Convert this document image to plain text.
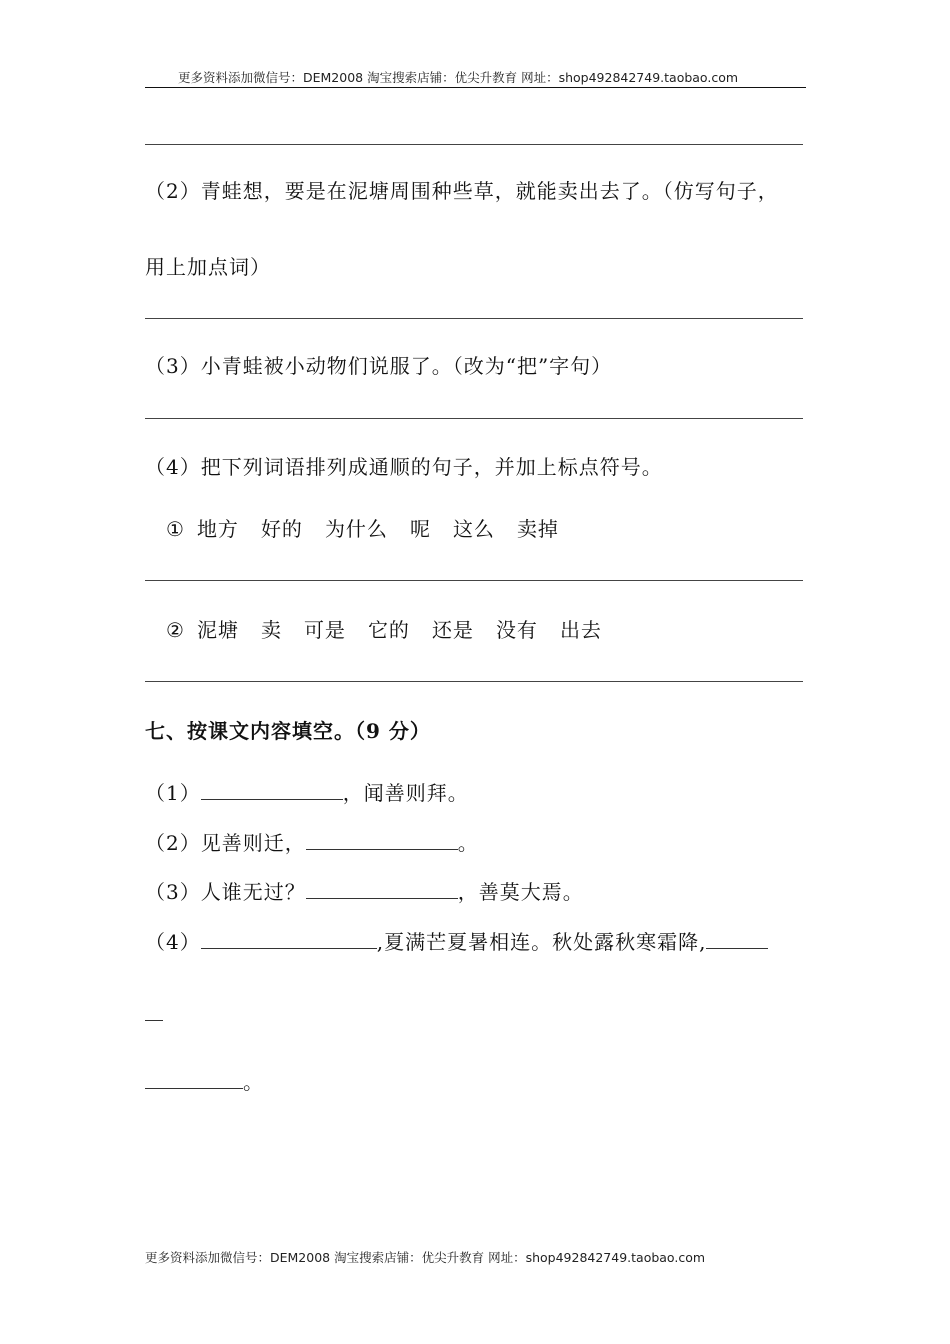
更多资料添加微信号：DEM2008 淘宝搜索店铺：优尖升教育 网址：shop492842749.taobao.com
（2）青蛙想，要是在泥塘周围种些草，就能卖出去了。（仿写句子，
用上加点词）
（3）小青蛙被小动物们说服了。（改为“把”字句）
（4）把下列词语排列成通顺的句子，并加上标点符号。
① 地方 好的 为什么 呢 这么 卖掉
② 泥塘 卖 可是 它的 还是 没有 出去
七、按课文内容填空。（9 分）
（1）	，闻善则拜。
（2）见善则迁，	。
（3）人谁无过？	，善莫大焉。
（4）	,夏满芒夏暑相连。秋处露秋寒霜降,
。
更多资料添加微信号：DEM2008 淘宝搜索店铺：优尖升教育 网址：shop492842749.taobao.com
